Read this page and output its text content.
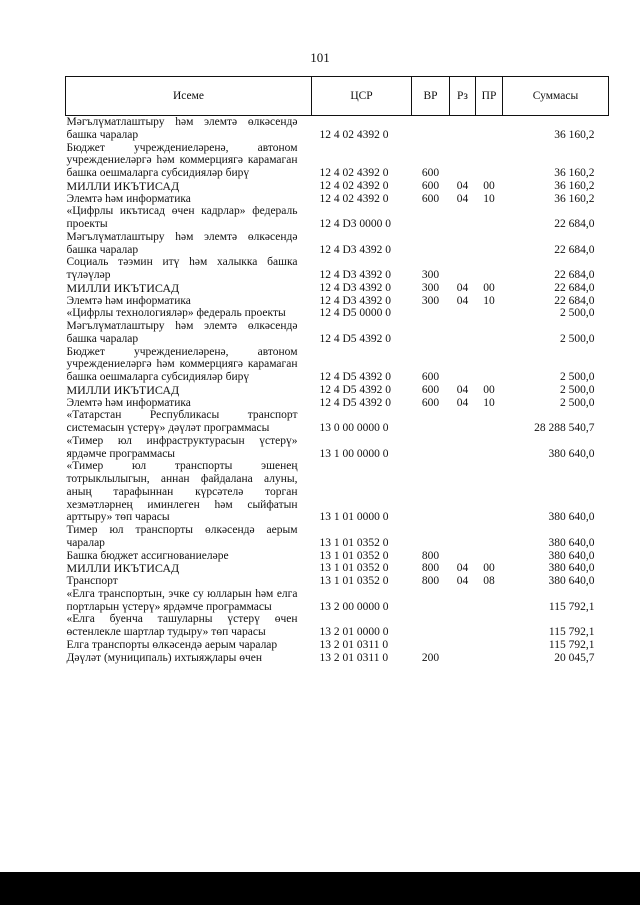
101
Исеме	ЦСР	ВР	Рз	ПР	Суммасы
Мәгълүматлаштыру һәм элемтә өлкәсендә башка чаралар	12 4 02 4392 0				36 160,2
Бюджет учреждениеләренә, автоном учреждениеләргә һәм коммерциягә карамаган башка оешмаларга субсидияләр бирү	12 4 02 4392 0	600			36 160,2
МИЛЛИ ИКЪТИСАД	12 4 02 4392 0	600	04	00	36 160,2
Элемтә һәм информатика	12 4 02 4392 0	600	04	10	36 160,2
«Цифрлы икътисад өчен кадрлар» федераль проекты	12 4 D3 0000 0				22 684,0
Мәгълүматлаштыру һәм элемтә өлкәсендә башка чаралар	12 4 D3 4392 0				22 684,0
Социаль тәэмин итү һәм халыкка башка түләүләр	12 4 D3 4392 0	300			22 684,0
МИЛЛИ ИКЪТИСАД	12 4 D3 4392 0	300	04	00	22 684,0
Элемтә һәм информатика	12 4 D3 4392 0	300	04	10	22 684,0
«Цифрлы технологияләр» федераль проекты	12 4 D5 0000 0				2 500,0
Мәгълүматлаштыру һәм элемтә өлкәсендә башка чаралар	12 4 D5 4392 0				2 500,0
Бюджет учреждениеләренә, автоном учреждениеләргә һәм коммерциягә карамаган башка оешмаларга субсидияләр бирү	12 4 D5 4392 0	600			2 500,0
МИЛЛИ ИКЪТИСАД	12 4 D5 4392 0	600	04	00	2 500,0
Элемтә һәм информатика	12 4 D5 4392 0	600	04	10	2 500,0
«Татарстан Республикасы транспорт системасын үстерү» дәүләт программасы	13 0 00 0000 0				28 288 540,7
«Тимер юл инфраструктурасын үстерү» ярдәмче программасы	13 1 00 0000 0				380 640,0
«Тимер юл транспорты эшенең тотрыклылыгын, аннан файдалана алуны, аның тарафыннан күрсәтелә торган хезмәтләрнең иминлеген һәм сыйфатын арттыру» төп чарасы	13 1 01 0000 0				380 640,0
Тимер юл транспорты өлкәсендә аерым чаралар	13 1 01 0352 0				380 640,0
Башка бюджет ассигнованиеләре	13 1 01 0352 0	800			380 640,0
МИЛЛИ ИКЪТИСАД	13 1 01 0352 0	800	04	00	380 640,0
Транспорт	13 1 01 0352 0	800	04	08	380 640,0
«Елга транспортын, эчке су юлларын һәм елга портларын үстерү» ярдәмче программасы	13 2 00 0000 0				115 792,1
«Елга буенча ташуларны үстерү өчен өстенлекле шартлар тудыру» төп чарасы	13 2 01 0000 0				115 792,1
Елга транспорты өлкәсендә аерым чаралар	13 2 01 0311 0				115 792,1
Дәүләт (муниципаль) ихтыяҗлары өчен	13 2 01 0311 0	200			20 045,7
